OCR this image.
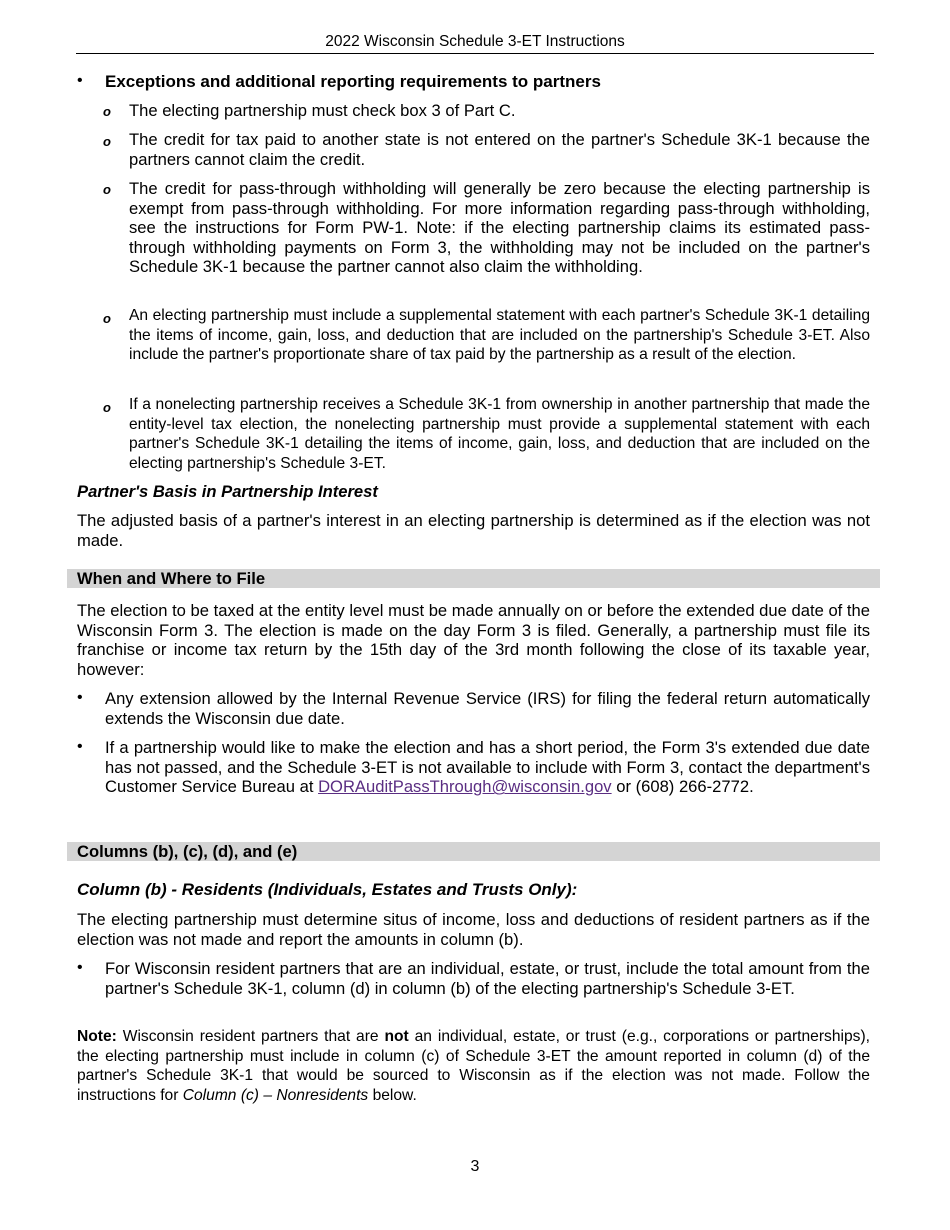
2022 Wisconsin Schedule 3-ET Instructions
• Exceptions and additional reporting requirements to partners
o The electing partnership must check box 3 of Part C.
o The credit for tax paid to another state is not entered on the partner's Schedule 3K-1 because the partners cannot claim the credit.
o The credit for pass-through withholding will generally be zero because the electing partnership is exempt from pass-through withholding. For more information regarding pass-through withholding, see the instructions for Form PW-1. Note: if the electing partnership claims its estimated pass-through withholding payments on Form 3, the withholding may not be included on the partner's Schedule 3K-1 because the partner cannot also claim the withholding.
o An electing partnership must include a supplemental statement with each partner's Schedule 3K-1 detailing the items of income, gain, loss, and deduction that are included on the partnership's Schedule 3-ET. Also include the partner's proportionate share of tax paid by the partnership as a result of the election.
o If a nonelecting partnership receives a Schedule 3K-1 from ownership in another partnership that made the entity-level tax election, the nonelecting partnership must provide a supplemental statement with each partner's Schedule 3K-1 detailing the items of income, gain, loss, and deduction that are included on the electing partnership's Schedule 3-ET.
Partner's Basis in Partnership Interest
The adjusted basis of a partner's interest in an electing partnership is determined as if the election was not made.
When and Where to File
The election to be taxed at the entity level must be made annually on or before the extended due date of the Wisconsin Form 3. The election is made on the day Form 3 is filed. Generally, a partnership must file its franchise or income tax return by the 15th day of the 3rd month following the close of its taxable year, however:
• Any extension allowed by the Internal Revenue Service (IRS) for filing the federal return automatically extends the Wisconsin due date.
• If a partnership would like to make the election and has a short period, the Form 3's extended due date has not passed, and the Schedule 3-ET is not available to include with Form 3, contact the department's Customer Service Bureau at DORAuditPassThrough@wisconsin.gov or (608) 266-2772.
Columns (b), (c), (d), and (e)
Column (b) - Residents (Individuals, Estates and Trusts Only):
The electing partnership must determine situs of income, loss and deductions of resident partners as if the election was not made and report the amounts in column (b).
• For Wisconsin resident partners that are an individual, estate, or trust, include the total amount from the partner's Schedule 3K-1, column (d) in column (b) of the electing partnership's Schedule 3-ET.
Note: Wisconsin resident partners that are not an individual, estate, or trust (e.g., corporations or partnerships), the electing partnership must include in column (c) of Schedule 3-ET the amount reported in column (d) of the partner's Schedule 3K-1 that would be sourced to Wisconsin as if the election was not made. Follow the instructions for Column (c) – Nonresidents below.
3
